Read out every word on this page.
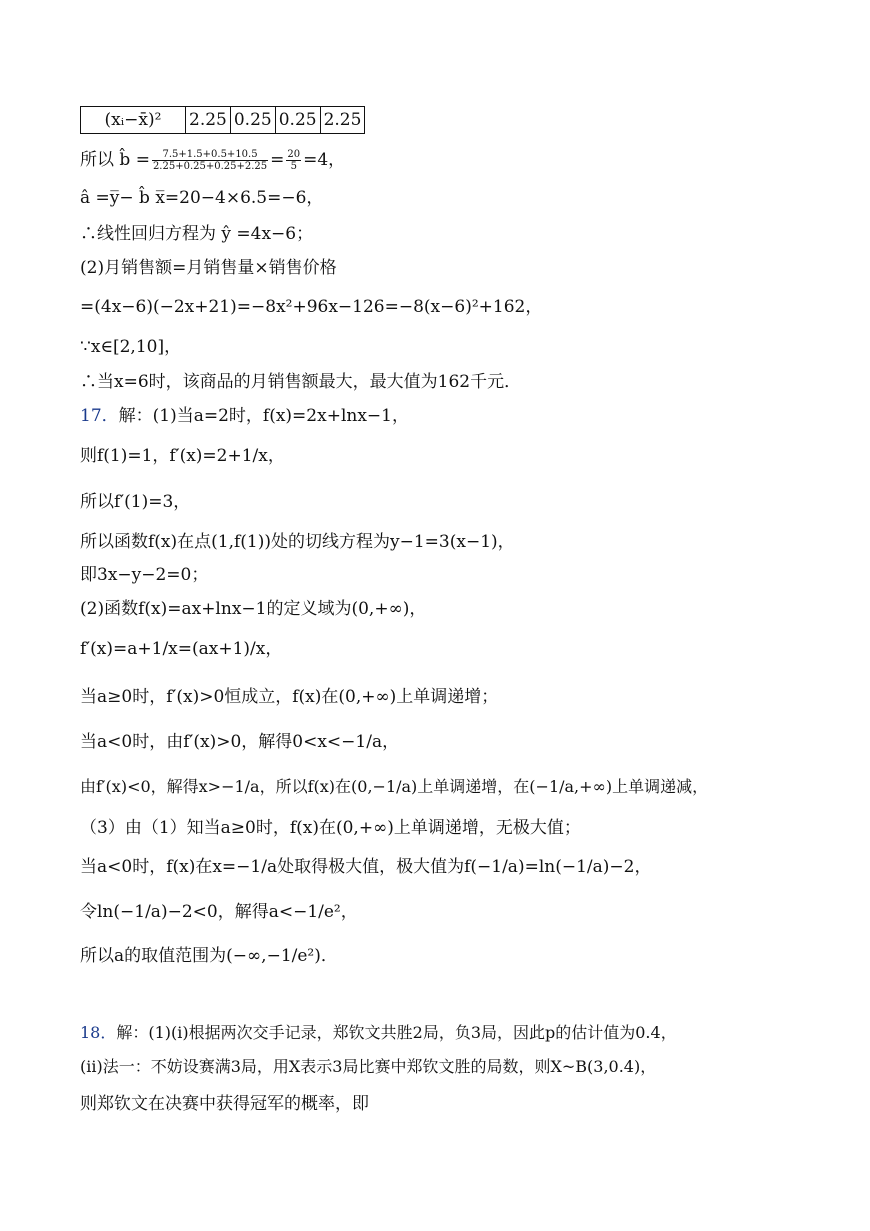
(xᵢ−x̄)²	2.25	0.25	0.25	2.25
所以 b̂ = $\frac{7.5+1.5+0.5+10.5}{2.25+0.25+0.25+2.25} = \frac{20}{5} =4$，
â =y̅− b̂ x̅=20−4×6.5=−6，
∴线性回归方程为 ŷ =4x−6；
(2)月销售额=月销售量×销售价格
=(4x−6)(−2x+21)=−8x²+96x−126=−8(x−6)²+162，
∵x∈[2,10]，
∴当x=6时，该商品的月销售额最大，最大值为162千元．
17．解：(1)当a=2时，f(x)=2x+lnx−1，
则f(1)=1，f′(x)=2+1/x，
所以f′(1)=3，
所以函数f(x)在点(1,f(1))处的切线方程为y−1=3(x−1)，
即3x−y−2=0；
(2)函数f(x)=ax+lnx−1的定义域为(0,+∞)，
f′(x)=a+1/x=(ax+1)/x，
当a≥0时，f′(x)>0恒成立，f(x)在(0,+∞)上单调递增；
当a<0时，由f′(x)>0，解得0<x<−1/a，
由f′(x)<0，解得x>−1/a，所以f(x)在(0,−1/a)上单调递增，在(−1/a,+∞)上单调递减，
（3）由（1）知当a≥0时，f(x)在(0,+∞)上单调递增，无极大值；
当a<0时，f(x)在x=−1/a处取得极大值，极大值为f(−1/a)=ln(−1/a)−2，
令ln(−1/a)−2<0，解得a<−1/e²，
所以a的取值范围为(−∞,−1/e²)．
18．解：(1)(i)根据两次交手记录，郑钦文共胜2局，负3局，因此p的估计值为0.4，
(ii)法一：不妨设赛满3局，用X表示3局比赛中郑钦文胜的局数，则X~B(3,0.4)，
则郑钦文在决赛中获得冠军的概率，即
